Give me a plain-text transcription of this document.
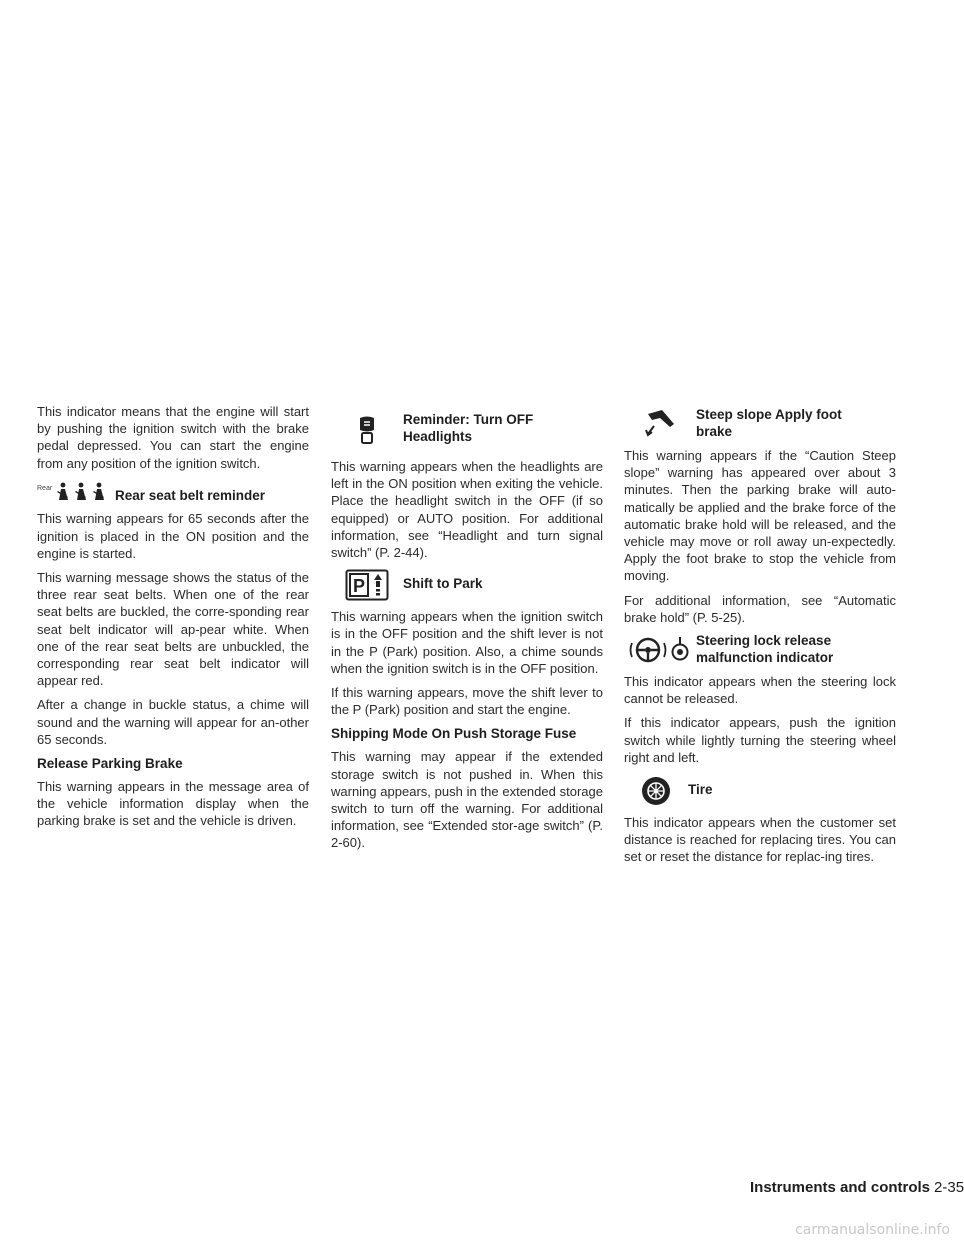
This indicator means that the engine will start by pushing the ignition switch with the brake pedal depressed. You can start the engine from any position of the ignition switch.

Rear	Rear seat belt reminder

This warning appears for 65 seconds after the ignition is placed in the ON position and the engine is started.

This warning message shows the status of the three rear seat belts. When one of the rear seat belts are buckled, the corre-sponding rear seat belt indicator will ap-pear white. When one of the rear seat belts are unbuckled, the corresponding rear seat belt indicator will appear red.

After a change in buckle status, a chime will sound and the warning will appear for an-other 65 seconds.

Release Parking Brake

This warning appears in the message area of the vehicle information display when the parking brake is set and the vehicle is driven.

Reminder: Turn OFF
Headlights

This warning appears when the headlights are left in the ON position when exiting the vehicle. Place the headlight switch in the OFF (if so equipped) or AUTO position. For additional information, see “Headlight and turn signal switch” (P. 2-44).

P	Shift to Park

This warning appears when the ignition switch is in the OFF position and the shift lever is not in the P (Park) position. Also, a chime sounds when the ignition switch is in the OFF position.

If this warning appears, move the shift lever to the P (Park) position and start the engine.

Shipping Mode On Push Storage Fuse

This warning may appear if the extended storage switch is not pushed in. When this warning appears, push in the extended storage switch to turn off the warning. For additional information, see “Extended stor-age switch” (P. 2-60).

Steep slope Apply foot
brake

This warning appears if the “Caution Steep slope” warning has appeared over about 3 minutes. Then the parking brake will auto-matically be applied and the brake force of the automatic brake hold will be released, and the vehicle may move or roll away un-expectedly. Apply the foot brake to stop the vehicle from moving.

For additional information, see “Automatic brake hold” (P. 5-25).

Steering lock release
malfunction indicator

This indicator appears when the steering lock cannot be released.

If this indicator appears, push the ignition switch while lightly turning the steering wheel right and left.

Tire

This indicator appears when the customer set distance is reached for replacing tires. You can set or reset the distance for replac-ing tires.

Instruments and controls 2-35
carmanualsonline.info
